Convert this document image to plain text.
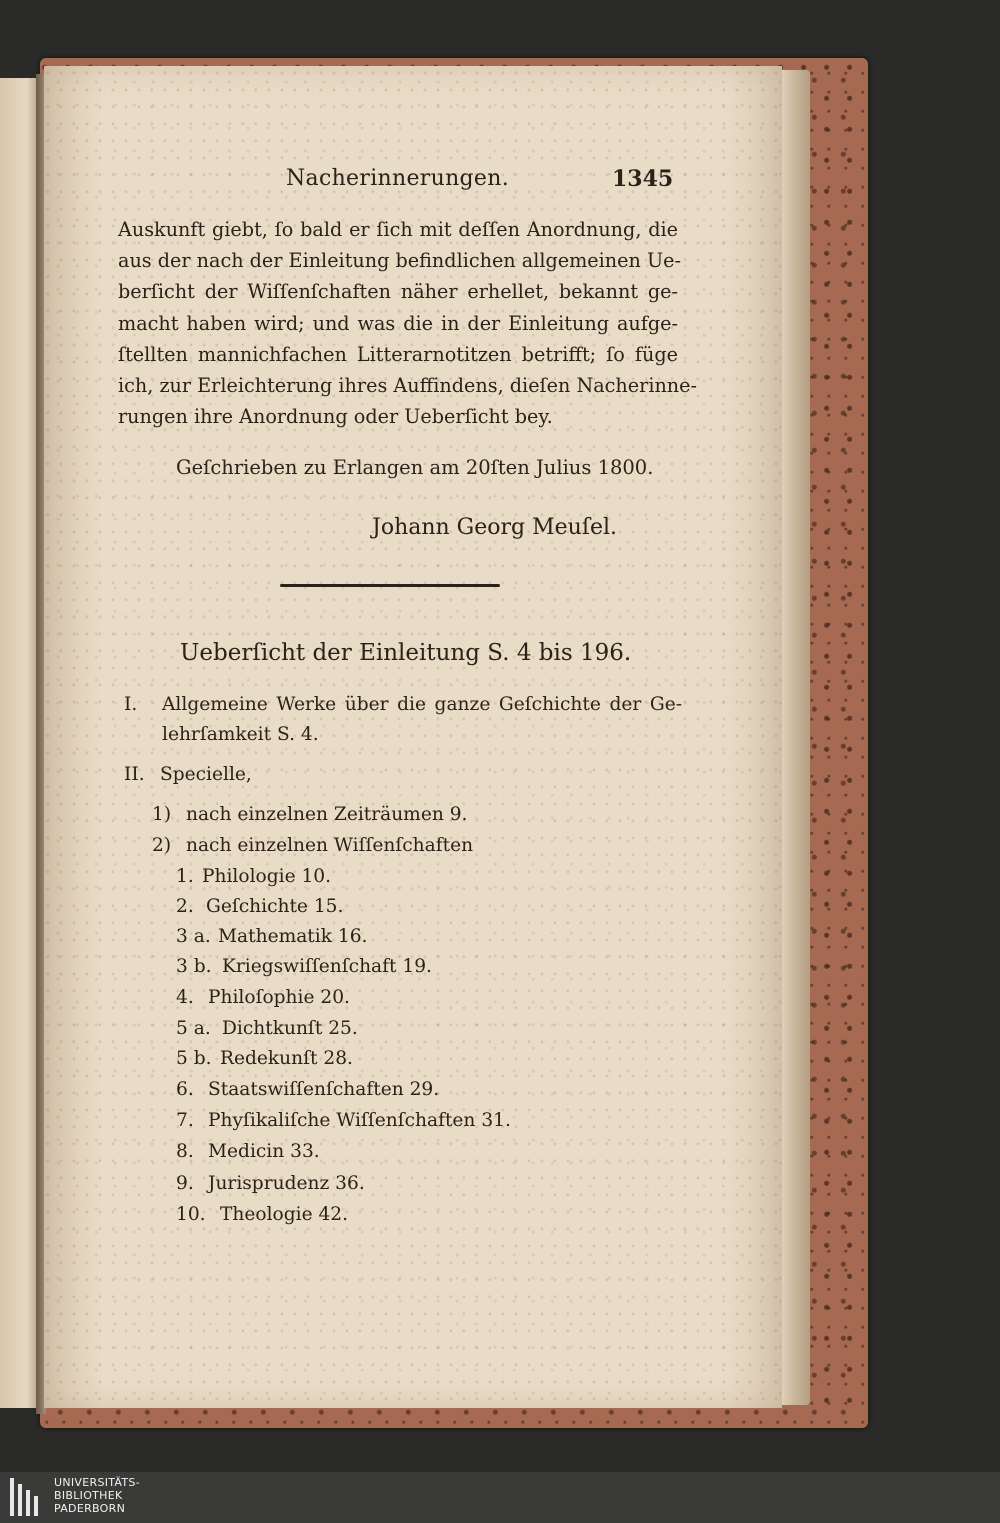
Nacherinnerungen.	1345
Auskunft giebt, ſo bald er ſich mit deſſen Anordnung, die
aus der nach der Einleitung befindlichen allgemeinen Ue-
berſicht der Wiſſenſchaften näher erhellet, bekannt ge-
macht haben wird; und was die in der Einleitung aufge-
ſtellten mannichfachen Litterarnotitzen betrifft; ſo füge
ich, zur Erleichterung ihres Auffindens, dieſen Nacherinne-
rungen ihre Anordnung oder Ueberſicht bey.
Geſchrieben zu Erlangen am 20ſten Julius 1800.
Johann Georg Meuſel.
Ueberſicht der Einleitung S. 4 bis 196.
I. Allgemeine Werke über die ganze Geſchichte der Ge-
lehrſamkeit S. 4.
II. Specielle,
1) nach einzelnen Zeiträumen 9.
2) nach einzelnen Wiſſenſchaften
1. Philologie 10.
2. Geſchichte 15.
3 a. Mathematik 16.
3 b. Kriegswiſſenſchaft 19.
4. Philoſophie 20.
5 a. Dichtkunſt 25.
5 b. Redekunſt 28.
6. Staatswiſſenſchaften 29.
7. Phyſikaliſche Wiſſenſchaften 31.
8. Medicin 33.
9. Jurisprudenz 36.
10. Theologie 42.
UNIVERSITÄTS-
BIBLIOTHEK
PADERBORN
